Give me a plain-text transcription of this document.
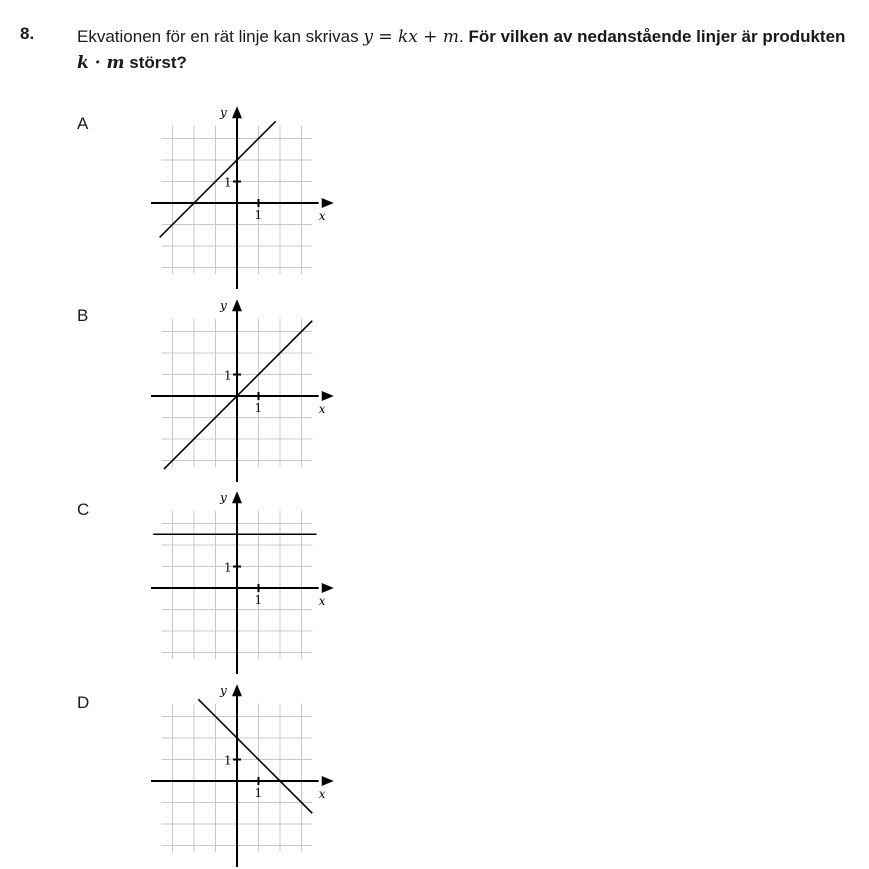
8.	Ekvationen för en rät linje kan skrivas y = kx + m. För vilken av nedanstående linjer är produkten k · m störst?
A
B
C
D
1
1
x
y
1
1
x
y
1
1
x
y
1
1
x
y
